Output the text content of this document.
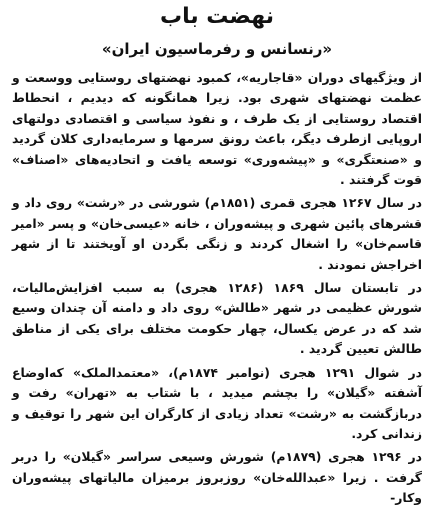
نهضت باب
«رنسانس و رفرماسیون ایران»

از ویژگیهای دوران «قاجاریه»، کمبود نهضتهای روستایی ووسعت و عظمت نهضتهای شهری بود. زیرا همانگونه که دیدیم ، انحطاط اقتصاد روستایی از یک طرف ، و نفوذ سیاسی و اقتصادی دولتهای اروپایی ازطرف دیگر، باعث رونق سرمها و سرمایه‌داری کلان گردید و «صنعتگری» و «پیشه‌وری» توسعه یافت و اتحادیه‌های «اصناف» قوت گرفتند .

در سال ۱۲۶۷ هجری قمری (۱۸۵۱م) شورشی در «رشت» روی داد و قشرهای پائین شهری و پیشه‌وران ، خانه «عیسی‌خان» و پسر «امیر قاسم‌خان» را اشغال کردند و زنگی بگردن او آویختند تا از شهر اخراجش نمودند .

در تابستان سال ۱۸۶۹ (۱۲۸۶ هجری) به سبب افزایش‌مالیات، شورش عظیمی در شهر «طالش» روی داد و دامنه آن چندان وسیع شد که در عرض یکسال، چهار حکومت مختلف برای یکی از مناطق طالش تعیین گردید .

در شوال ۱۲۹۱ هجری (نوامبر ۱۸۷۴م)، «معتمدالملک» که‌اوضاع آشفته «گیلان» را بچشم میدید ، با شتاب به «تهران» رفت و دربازگشت به «رشت» تعداد زیادی از کارگران این شهر را توقیف و زندانی کرد.

در ۱۲۹۶ هجری (۱۸۷۹م) شورش وسیعی سراسر «گیلان» را دربر گرفت . زیرا «عبدالله‌خان» روزبروز برمیزان مالیاتهای پیشه‌وران وکار-
